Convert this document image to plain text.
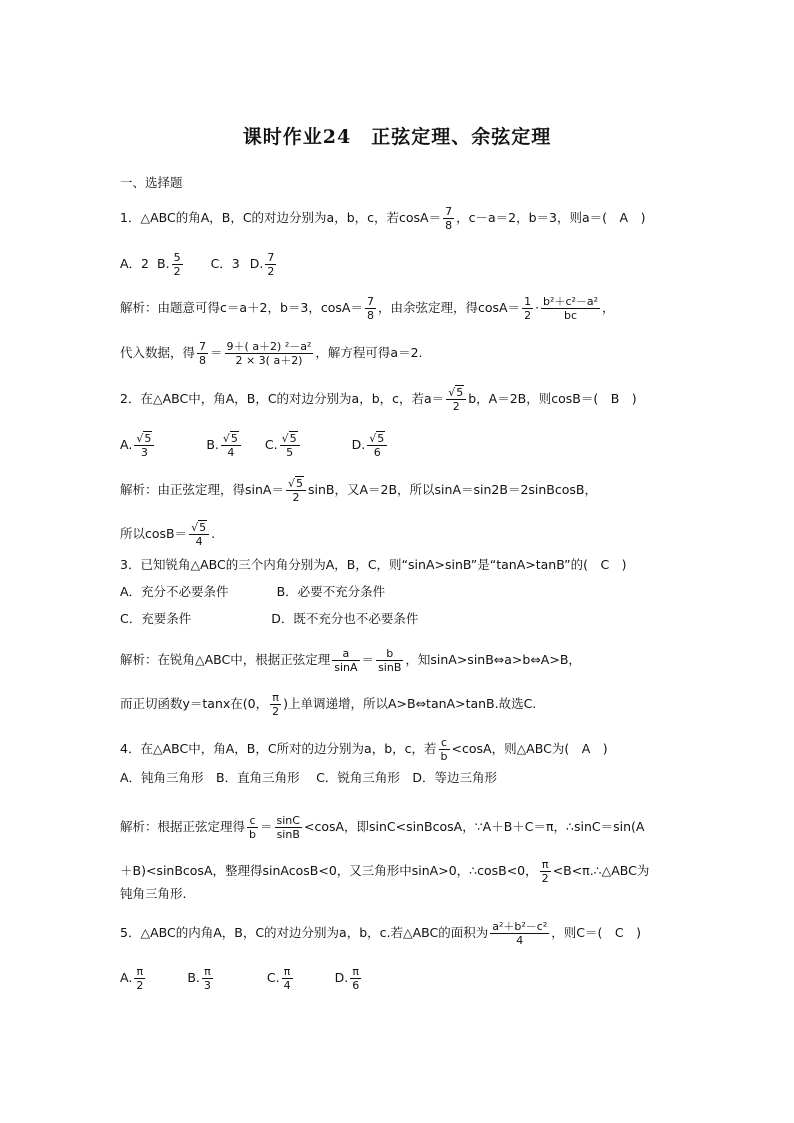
课时作业24　正弦定理、余弦定理
一、选择题
1．△ABC的角A，B，C的对边分别为a，b，c，若$\cos A= \frac{7}{8}$ ，c－a＝2，b＝3，则a＝(　A　)
A．2 B. $\frac{5}{2}$ C．3 D. $\frac{7}{2}$
解析：由题意可得c＝a＋2，b＝3，$\cos A= \frac{7}{8}$ ，由余弦定理，得$\cos A= \frac{1}{2} \cdot \frac{\text{b²＋c²－a²}}{bc}$ ，
代入数据，得 $\frac{7}{8} = \frac{\text{9＋( a＋2) ²－a²}}{2 \times 3( a+2)}$ ，解方程可得a＝2.
2．在△ABC中，角A，B，C的对边分别为a，b，c，若$a= \frac{√5}{2}$ b，A＝2B，则cosB＝(　B　)
A. $\frac{√5}{3}$	B. $\frac{√5}{4} C$. $\frac{√5}{5}$	D. $\frac{√5}{6}$
解析：由正弦定理，得$\sin A= \frac{√5}{2}$ sinB，又A＝2B，所以sinA＝sin2B＝2sinBcosB，
所以$\cos B= \frac{√5}{4}$ .
3．已知锐角△ABC的三个内角分别为A，B，C，则“sinA>sinB”是“tanA>tanB”的(　C　)
A．充分不必要条件	B．必要不充分条件
C．充要条件	D．既不充分也不必要条件
解析：在锐角△ABC中，根据正弦定理 $\frac{a}{\sin A} = \frac{b}{\sin B}$ ，知sinA>sinB⇔a>b⇔A>B，
而正切函数y＝tanx在(0， $\frac{\pi}{2}$ )上单调递增，所以A>B⇔tanA>tanB.故选C.
4．在△ABC中，角A，B，C所对的边分别为a，b，c，若 $\frac{c}{b} <\cos A$，则△ABC为(　A　)
A．钝角三角形　B．直角三角形　 C．锐角三角形　D．等边三角形
解析：根据正弦定理得 $\frac{c}{b} = \frac{\sin C}{\sin B} <\cos A$，即sinC<sinBcosA，∵A＋B＋C＝π，∴sinC＝sin(A
＋B)<sinBcosA，整理得sinAcosB<0，又三角形中sinA>0，∴cosB<0， $\frac{\pi}{2}$ <B<π.∴△ABC为
钝角三角形.
5．△ABC的内角A，B，C的对边分别为a，b，c.若△ABC的面积为 $\frac{\text{a²＋b²－c²}}{4}$ ，则C＝(　C　)
A. $\frac{\pi}{2}$	B. $\frac{\pi}{3}$	C. $\frac{\pi}{4}$	D. $\frac{\pi}{6}$
